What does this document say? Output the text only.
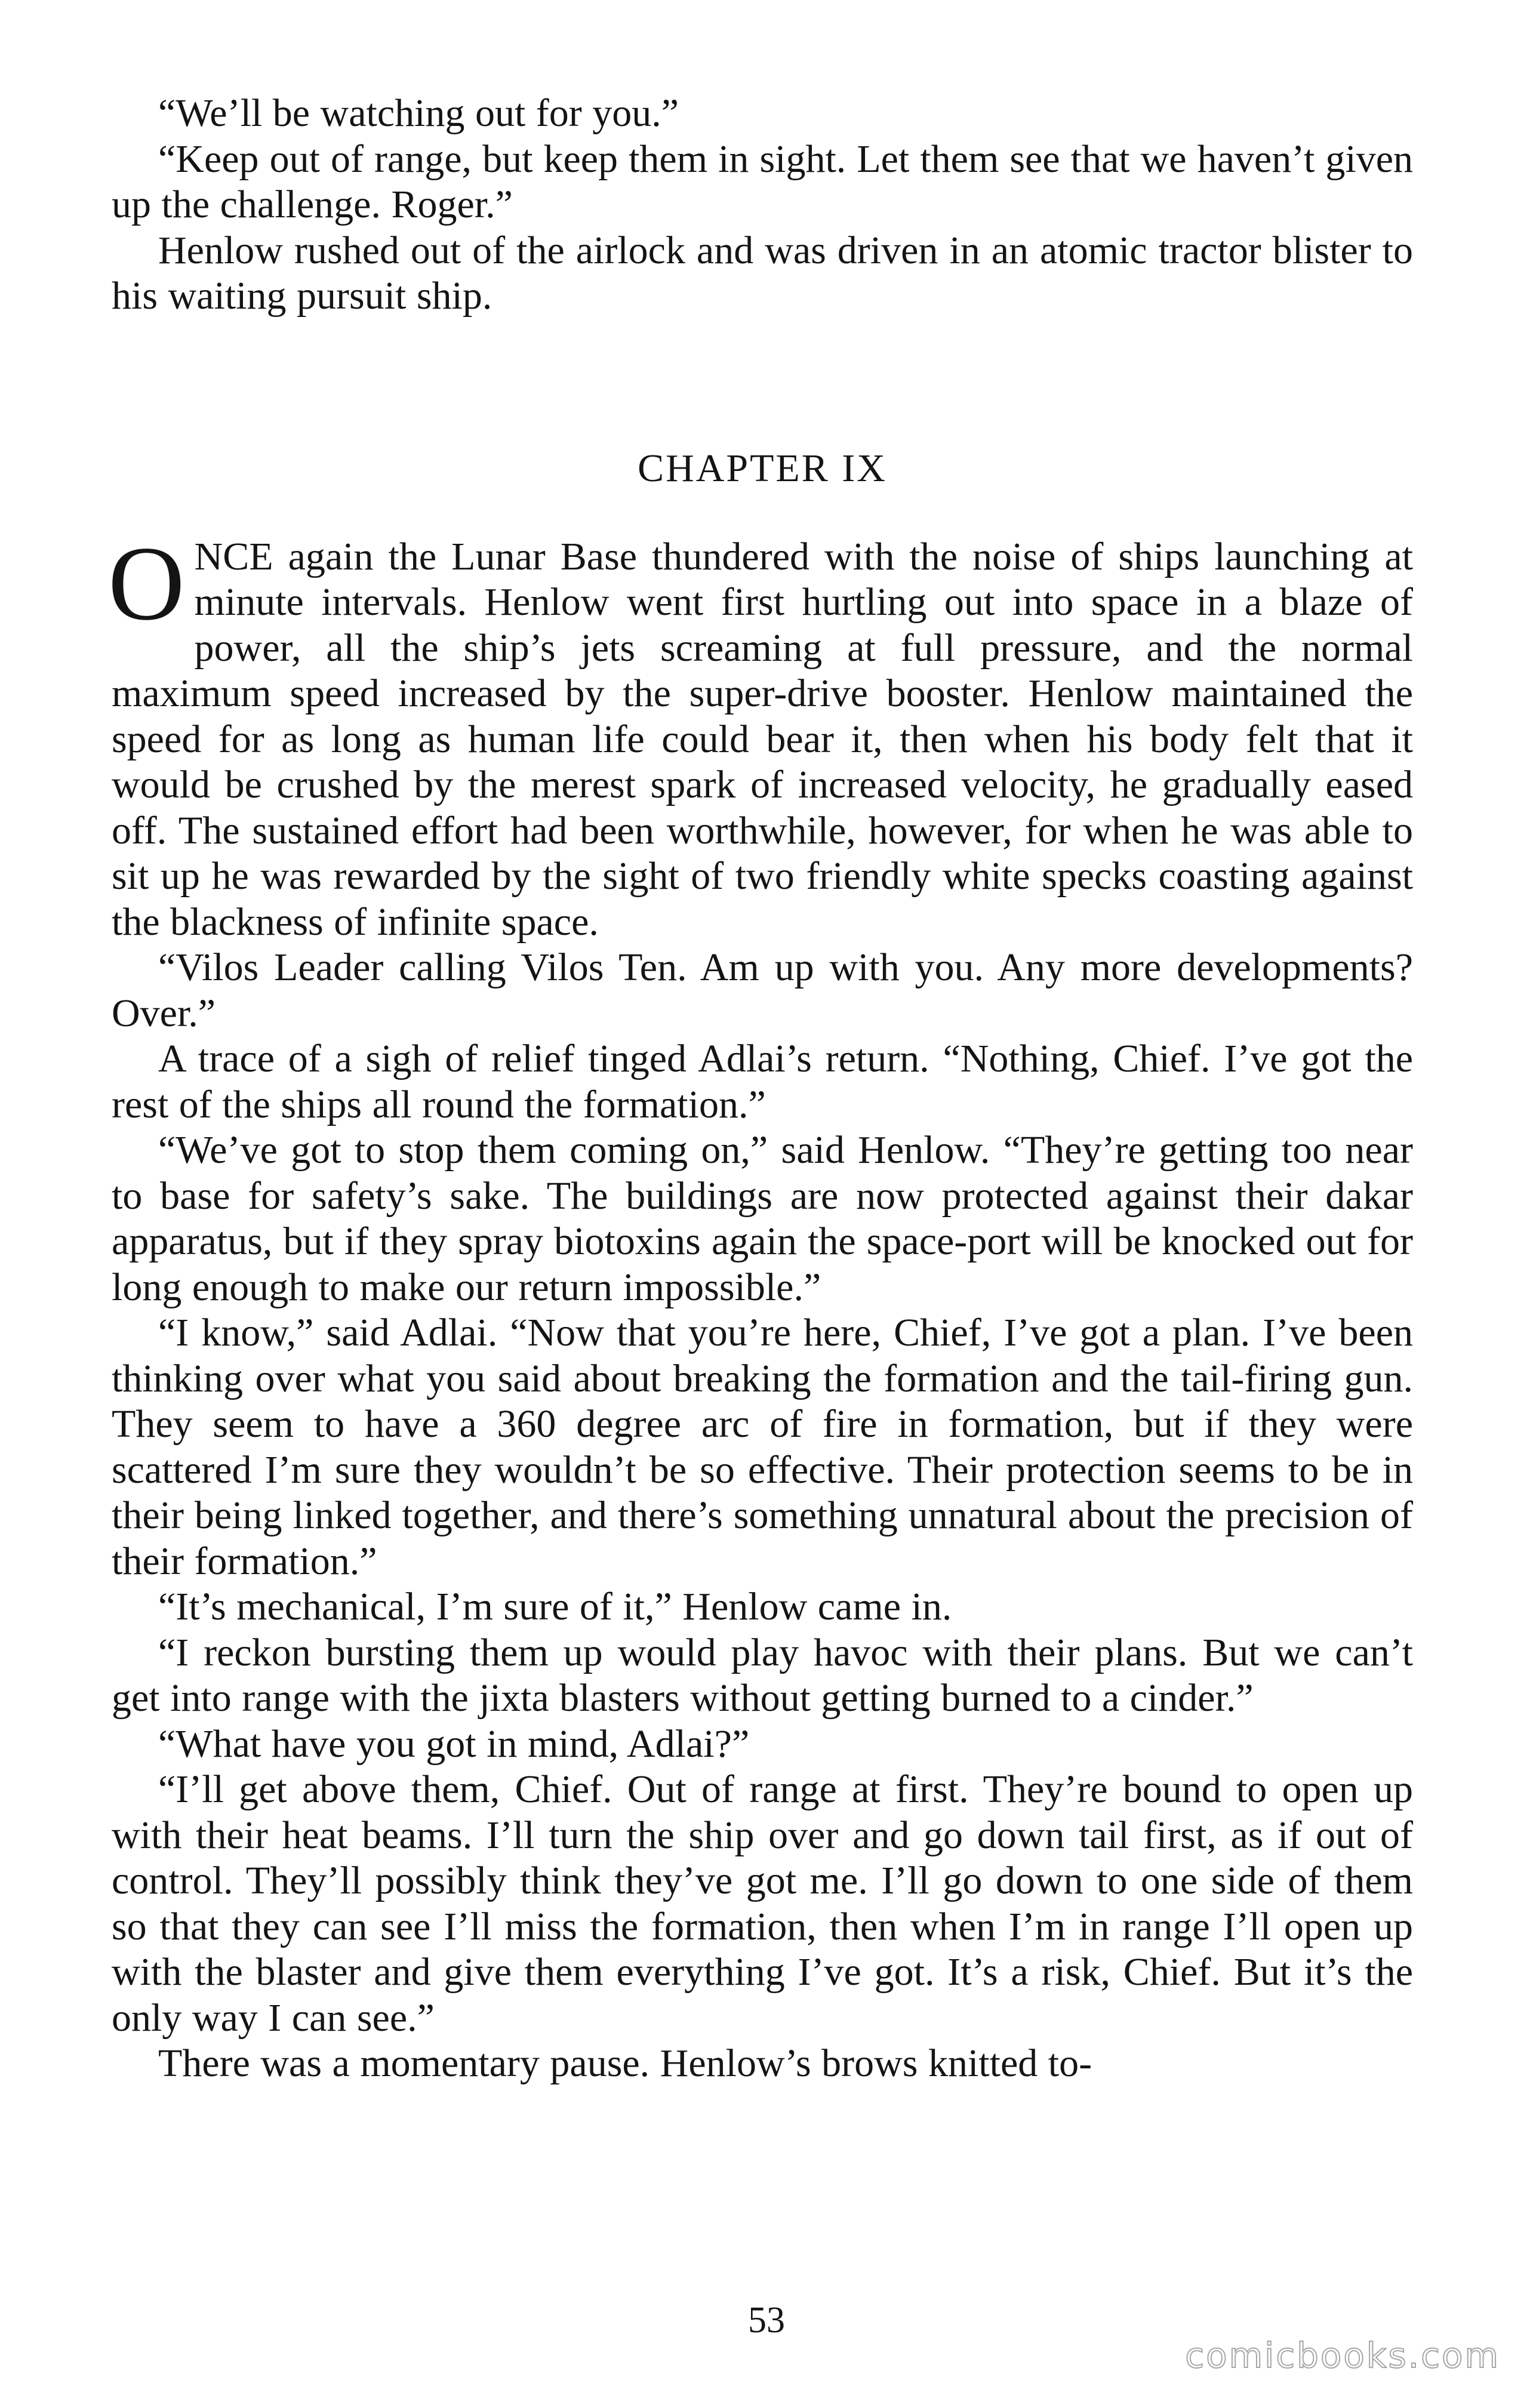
“We’ll be watching out for you.”

“Keep out of range, but keep them in sight. Let them see that we haven’t given up the challenge. Roger.”

Henlow rushed out of the airlock and was driven in an atomic tractor blister to his waiting pursuit ship.

CHAPTER IX

ONCE again the Lunar Base thundered with the noise of ships launching at minute intervals. Henlow went first hurtling out into space in a blaze of power, all the ship’s jets screaming at full pressure, and the normal maximum speed increased by the super-drive booster. Henlow maintained the speed for as long as human life could bear it, then when his body felt that it would be crushed by the merest spark of increased velocity, he gradually eased off. The sustained effort had been worthwhile, however, for when he was able to sit up he was rewarded by the sight of two friendly white specks coasting against the blackness of infinite space.

“Vilos Leader calling Vilos Ten. Am up with you. Any more developments? Over.”

A trace of a sigh of relief tinged Adlai’s return. “Nothing, Chief. I’ve got the rest of the ships all round the formation.”

“We’ve got to stop them coming on,” said Henlow. “They’re getting too near to base for safety’s sake. The buildings are now protected against their dakar apparatus, but if they spray biotoxins again the space-port will be knocked out for long enough to make our return impossible.”

“I know,” said Adlai. “Now that you’re here, Chief, I’ve got a plan. I’ve been thinking over what you said about breaking the formation and the tail-firing gun. They seem to have a 360 degree arc of fire in formation, but if they were scattered I’m sure they wouldn’t be so effective. Their protection seems to be in their being linked together, and there’s something unnatural about the precision of their formation.”

“It’s mechanical, I’m sure of it,” Henlow came in.

“I reckon bursting them up would play havoc with their plans. But we can’t get into range with the jixta blasters without getting burned to a cinder.”

“What have you got in mind, Adlai?”

“I’ll get above them, Chief. Out of range at first. They’re bound to open up with their heat beams. I’ll turn the ship over and go down tail first, as if out of control. They’ll possibly think they’ve got me. I’ll go down to one side of them so that they can see I’ll miss the formation, then when I’m in range I’ll open up with the blaster and give them everything I’ve got. It’s a risk, Chief. But it’s the only way I can see.”

There was a momentary pause. Henlow’s brows knitted to-

53
comicbooks.com
